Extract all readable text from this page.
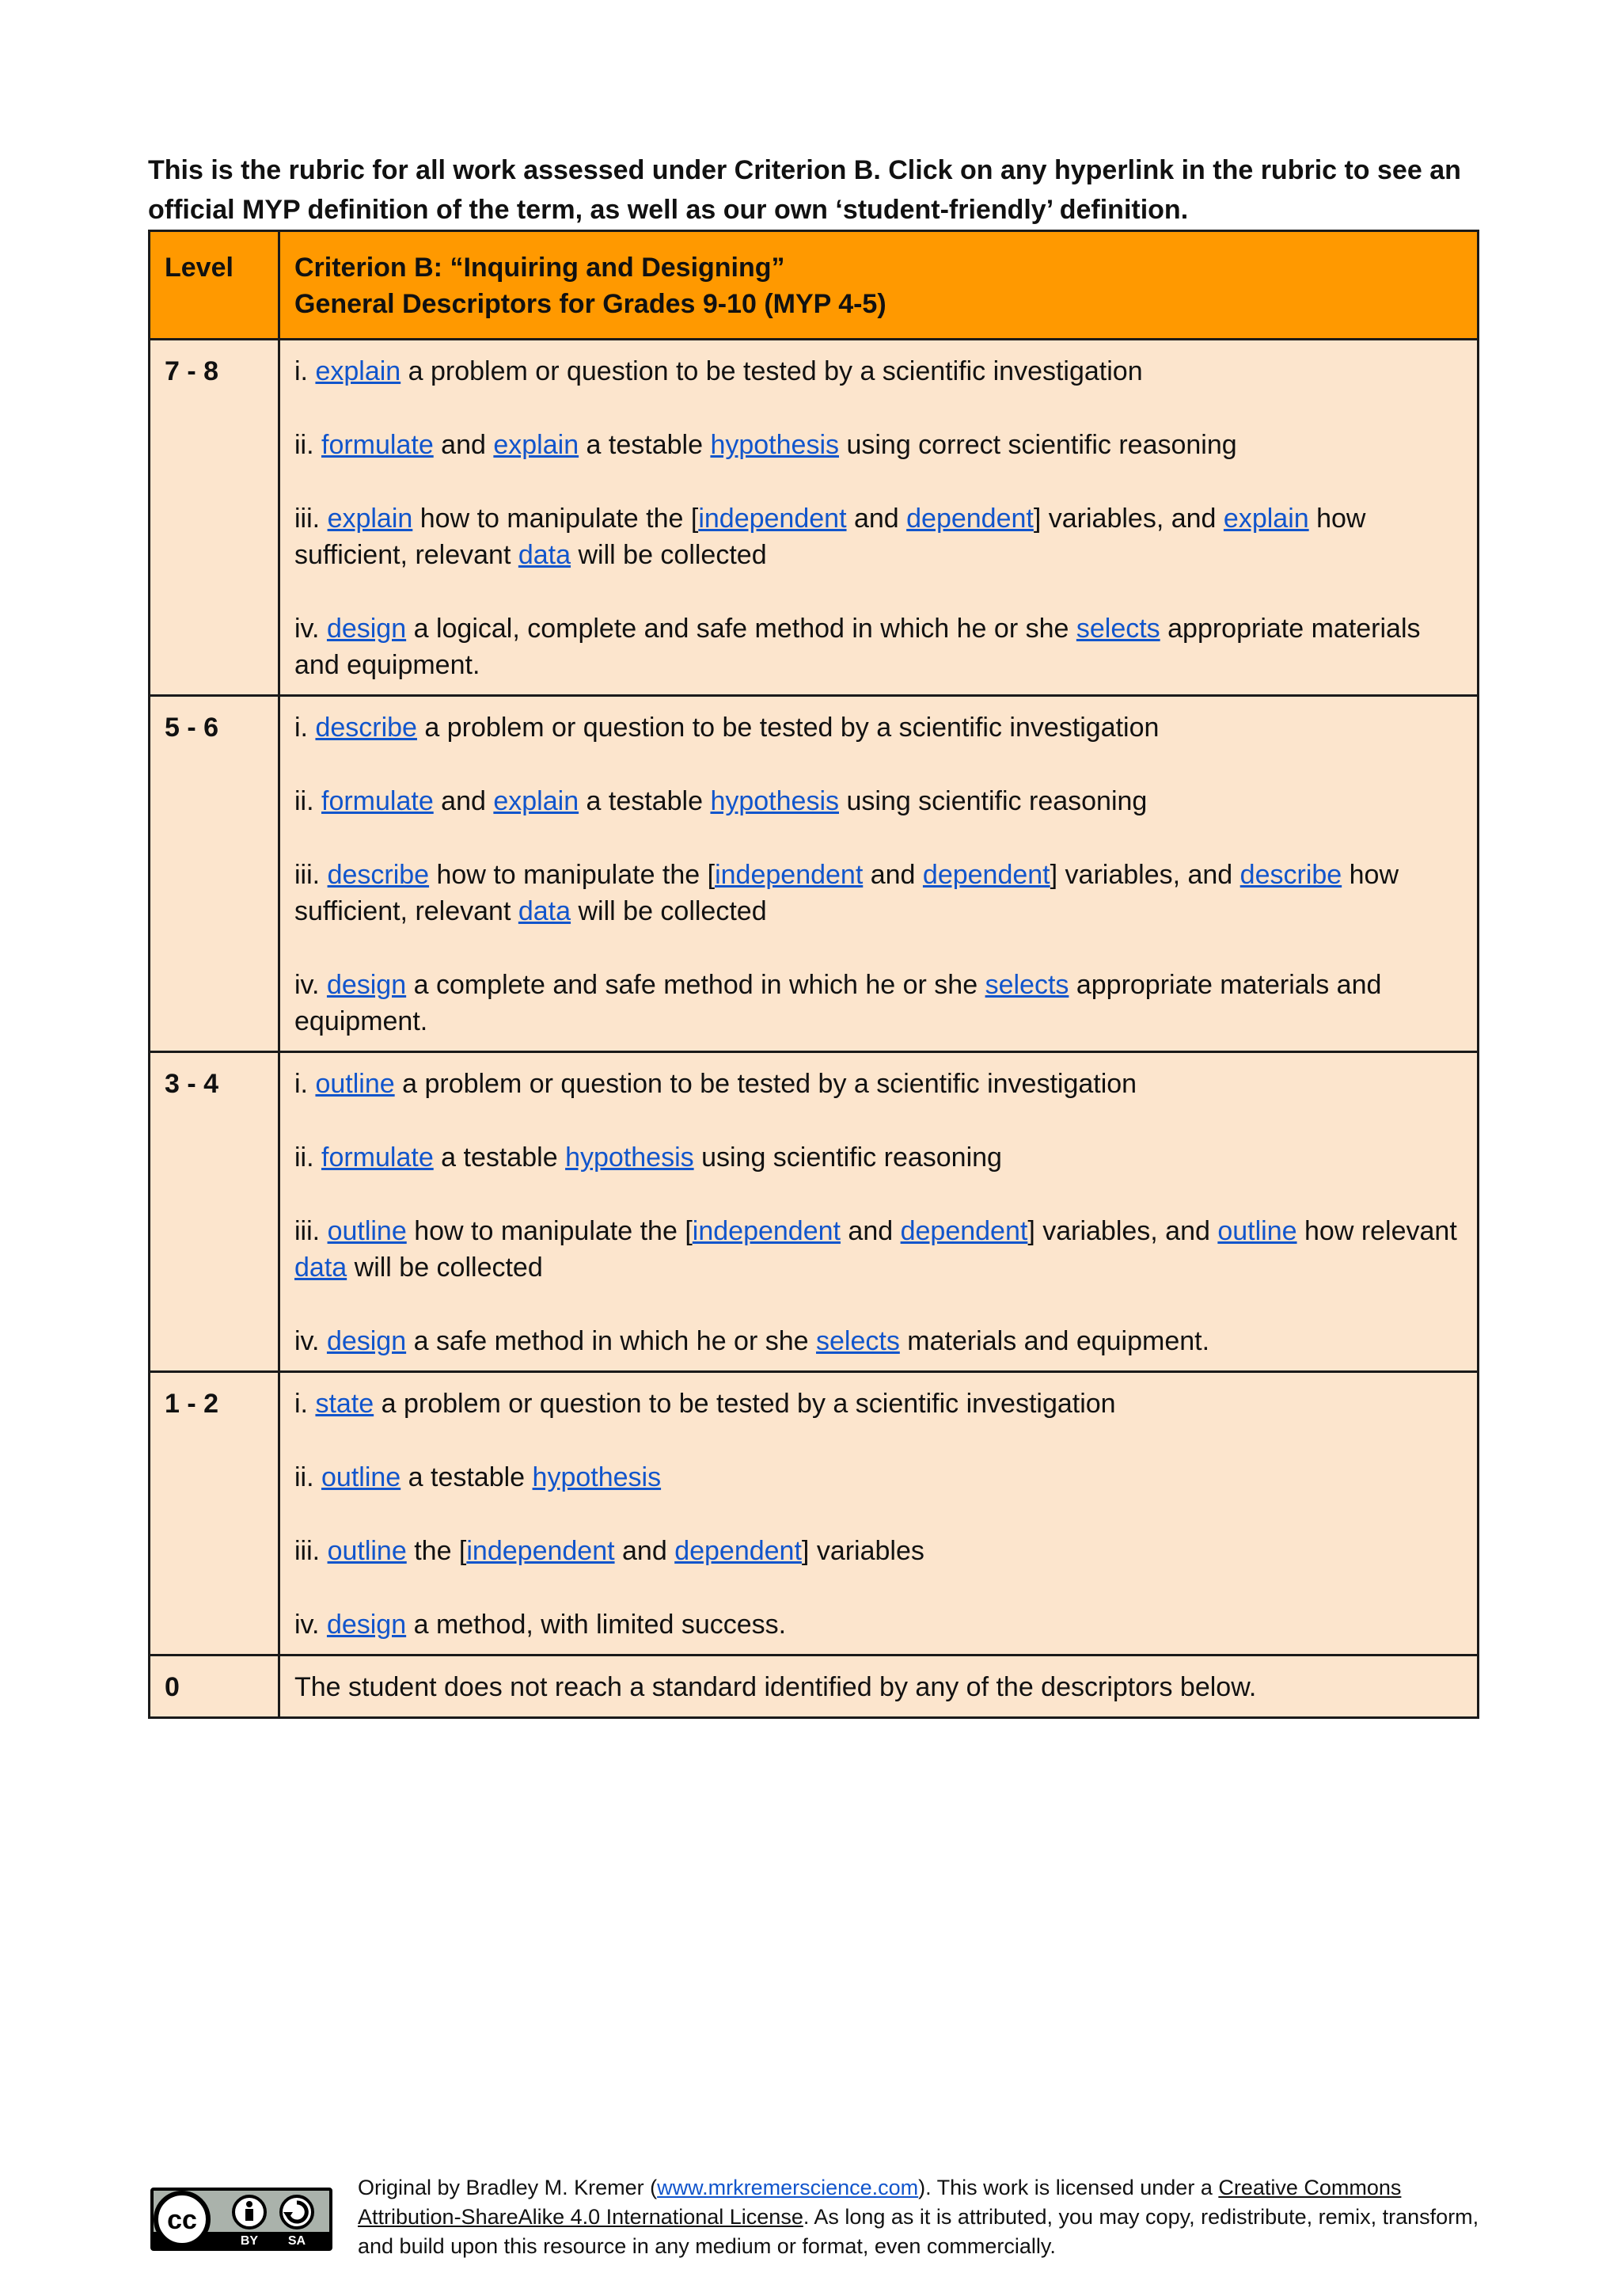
This is the rubric for all work assessed under Criterion B. Click on any hyperlink in the rubric to see an official MYP definition of the term, as well as our own ‘student-friendly’ definition.
Level	Criterion B: “Inquiring and Designing”
General Descriptors for Grades 9-10 (MYP 4-5)

7 - 8	i. explain a problem or question to be tested by a scientific investigation

ii. formulate and explain a testable hypothesis using correct scientific reasoning

iii. explain how to manipulate the [independent and dependent] variables, and explain how sufficient, relevant data will be collected

iv. design a logical, complete and safe method in which he or she selects appropriate materials and equipment.

5 - 6	i. describe a problem or question to be tested by a scientific investigation

ii. formulate and explain a testable hypothesis using scientific reasoning

iii. describe how to manipulate the [independent and dependent] variables, and describe how sufficient, relevant data will be collected

iv. design a complete and safe method in which he or she selects appropriate materials and equipment.

3 - 4	i. outline a problem or question to be tested by a scientific investigation

ii. formulate a testable hypothesis using scientific reasoning

iii. outline how to manipulate the [independent and dependent] variables, and outline how relevant data will be collected

iv. design a safe method in which he or she selects materials and equipment.

1 - 2	i. state a problem or question to be tested by a scientific investigation

ii. outline a testable hypothesis

iii. outline the [independent and dependent] variables

iv. design a method, with limited success.

0	The student does not reach a standard identified by any of the descriptors below.

cc
BY SA
Original by Bradley M. Kremer (www.mrkremerscience.com). This work is licensed under a Creative Commons Attribution-ShareAlike 4.0 International License. As long as it is attributed, you may copy, redistribute, remix, transform, and build upon this resource in any medium or format, even commercially.
